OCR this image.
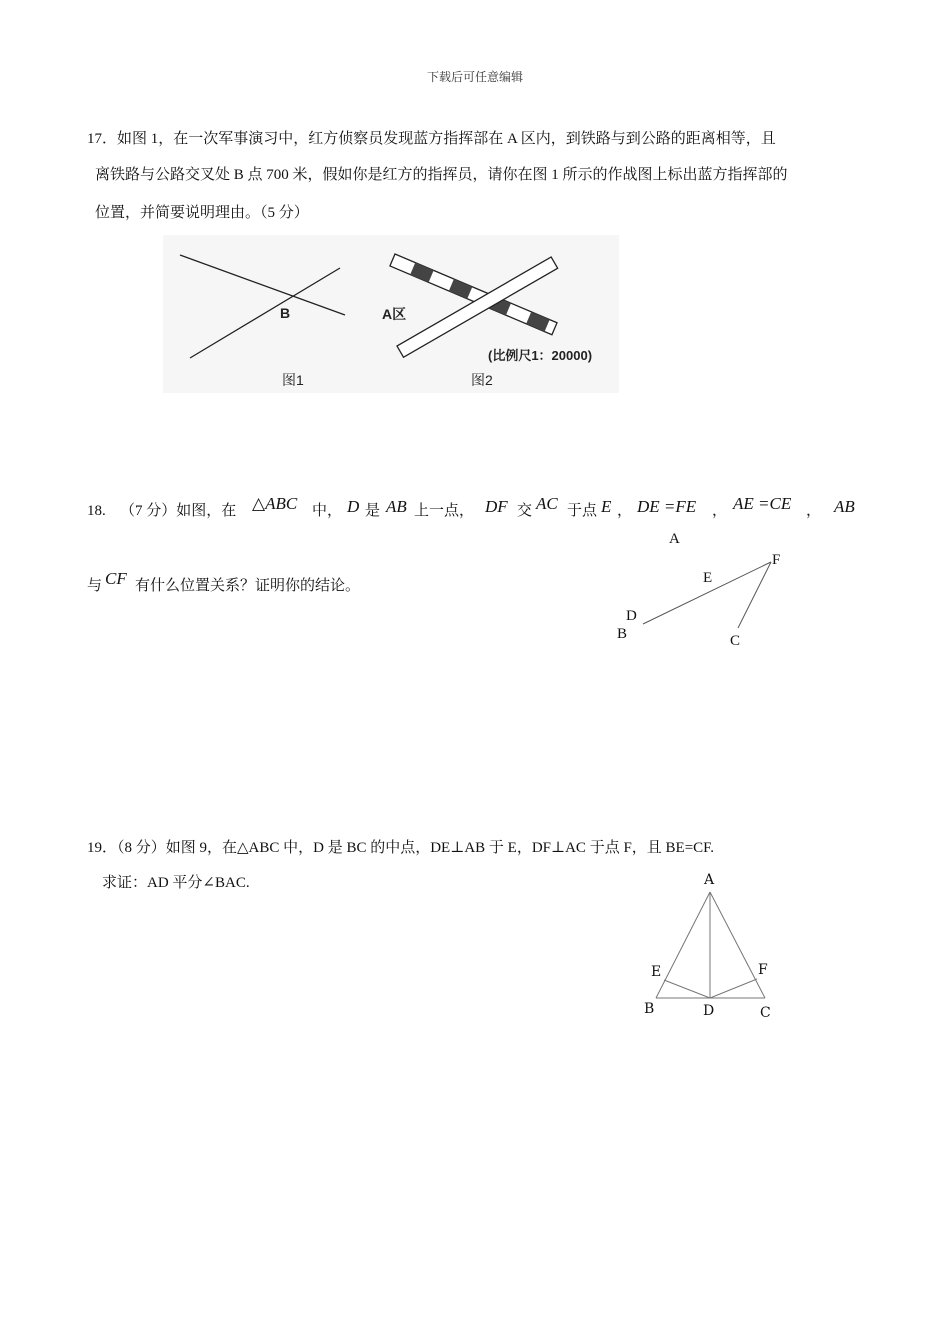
下载后可任意编辑
17．如图 1，在一次军事演习中，红方侦察员发现蓝方指挥部在 A 区内，到铁路与到公路的距离相等，且
离铁路与公路交叉处 B 点 700 米，假如你是红方的指挥员，请你在图 1 所示的作战图上标出蓝方指挥部的
位置，并简要说明理由。（5 分）
B
图1
A区
(比例尺1：20000)
图2
18. （7 分）如图，在 △ABC 中， D 是 AB 上一点， DF 交 AC 于点 E ， DE =FE ， AE =CE ， AB
与 CF 有什么位置关系？证明你的结论。
A
F
E
D
B	C
19．（8 分）如图 9，在△ABC 中，D 是 BC 的中点，DE⊥AB 于 E，DF⊥AC 于点 F，且 BE=CF.
求证：AD 平分∠BAC.	A
E	F
B	D	C
